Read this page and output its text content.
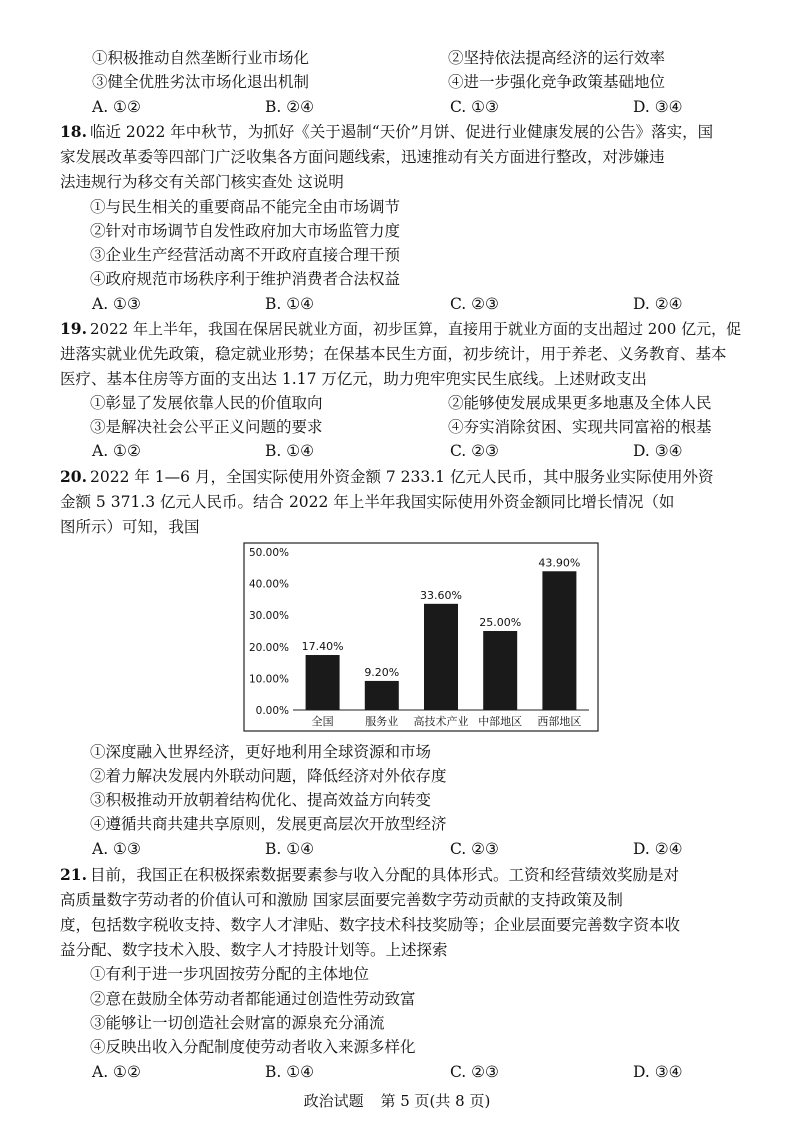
①积极推动自然垄断行业市场化	②坚持依法提高经济的运行效率
③健全优胜劣汰市场化退出机制	④进一步强化竞争政策基础地位
A. ①②	B. ②④	C. ①③	D. ③④
18. 临近 2022 年中秋节，为抓好《关于遏制“天价”月饼、促进行业健康发展的公告》落实，国
家发展改革委等四部门广泛收集各方面问题线索，迅速推动有关方面进行整改，对涉嫌违
法违规行为移交有关部门核实查处 这说明
①与民生相关的重要商品不能完全由市场调节
②针对市场调节自发性政府加大市场监管力度
③企业生产经营活动离不开政府直接合理干预
④政府规范市场秩序利于维护消费者合法权益
A. ①③	B. ①④	C. ②③	D. ②④
19. 2022 年上半年，我国在保居民就业方面，初步匡算，直接用于就业方面的支出超过 200 亿元，促
进落实就业优先政策，稳定就业形势；在保基本民生方面，初步统计，用于养老、义务教育、基本
医疗、基本住房等方面的支出达 1.17 万亿元，助力兜牢兜实民生底线。上述财政支出
①彰显了发展依靠人民的价值取向	②能够使发展成果更多地惠及全体人民
③是解决社会公平正义问题的要求	④夯实消除贫困、实现共同富裕的根基
A. ①②	B. ①④	C. ②③	D. ③④
20. 2022 年 1—6 月，全国实际使用外资金额 7 233.1 亿元人民币，其中服务业实际使用外资
金额 5 371.3 亿元人民币。结合 2022 年上半年我国实际使用外资金额同比增长情况（如
图所示）可知，我国
50.00%
40.00%
30.00%
20.00%
10.00%
0.00%
17.40%
全国
9.20%
服务业
33.60%
高技术产业
25.00%
中部地区
43.90%
西部地区
①深度融入世界经济，更好地利用全球资源和市场
②着力解决发展内外联动问题，降低经济对外依存度
③积极推动开放朝着结构优化、提高效益方向转变
④遵循共商共建共享原则，发展更高层次开放型经济
A. ①③	B. ①④	C. ②③	D. ②④
21. 目前，我国正在积极探索数据要素参与收入分配的具体形式。工资和经营绩效奖励是对
高质量数字劳动者的价值认可和激励 国家层面要完善数字劳动贡献的支持政策及制
度，包括数字税收支持、数字人才津贴、数字技术科技奖励等；企业层面要完善数字资本收
益分配、数字技术入股、数字人才持股计划等。上述探索
①有利于进一步巩固按劳分配的主体地位
②意在鼓励全体劳动者都能通过创造性劳动致富
③能够让一切创造社会财富的源泉充分涌流
④反映出收入分配制度使劳动者收入来源多样化
A. ①②	B. ①④	C. ②③	D. ③④
政治试题 第 5 页(共 8 页)
